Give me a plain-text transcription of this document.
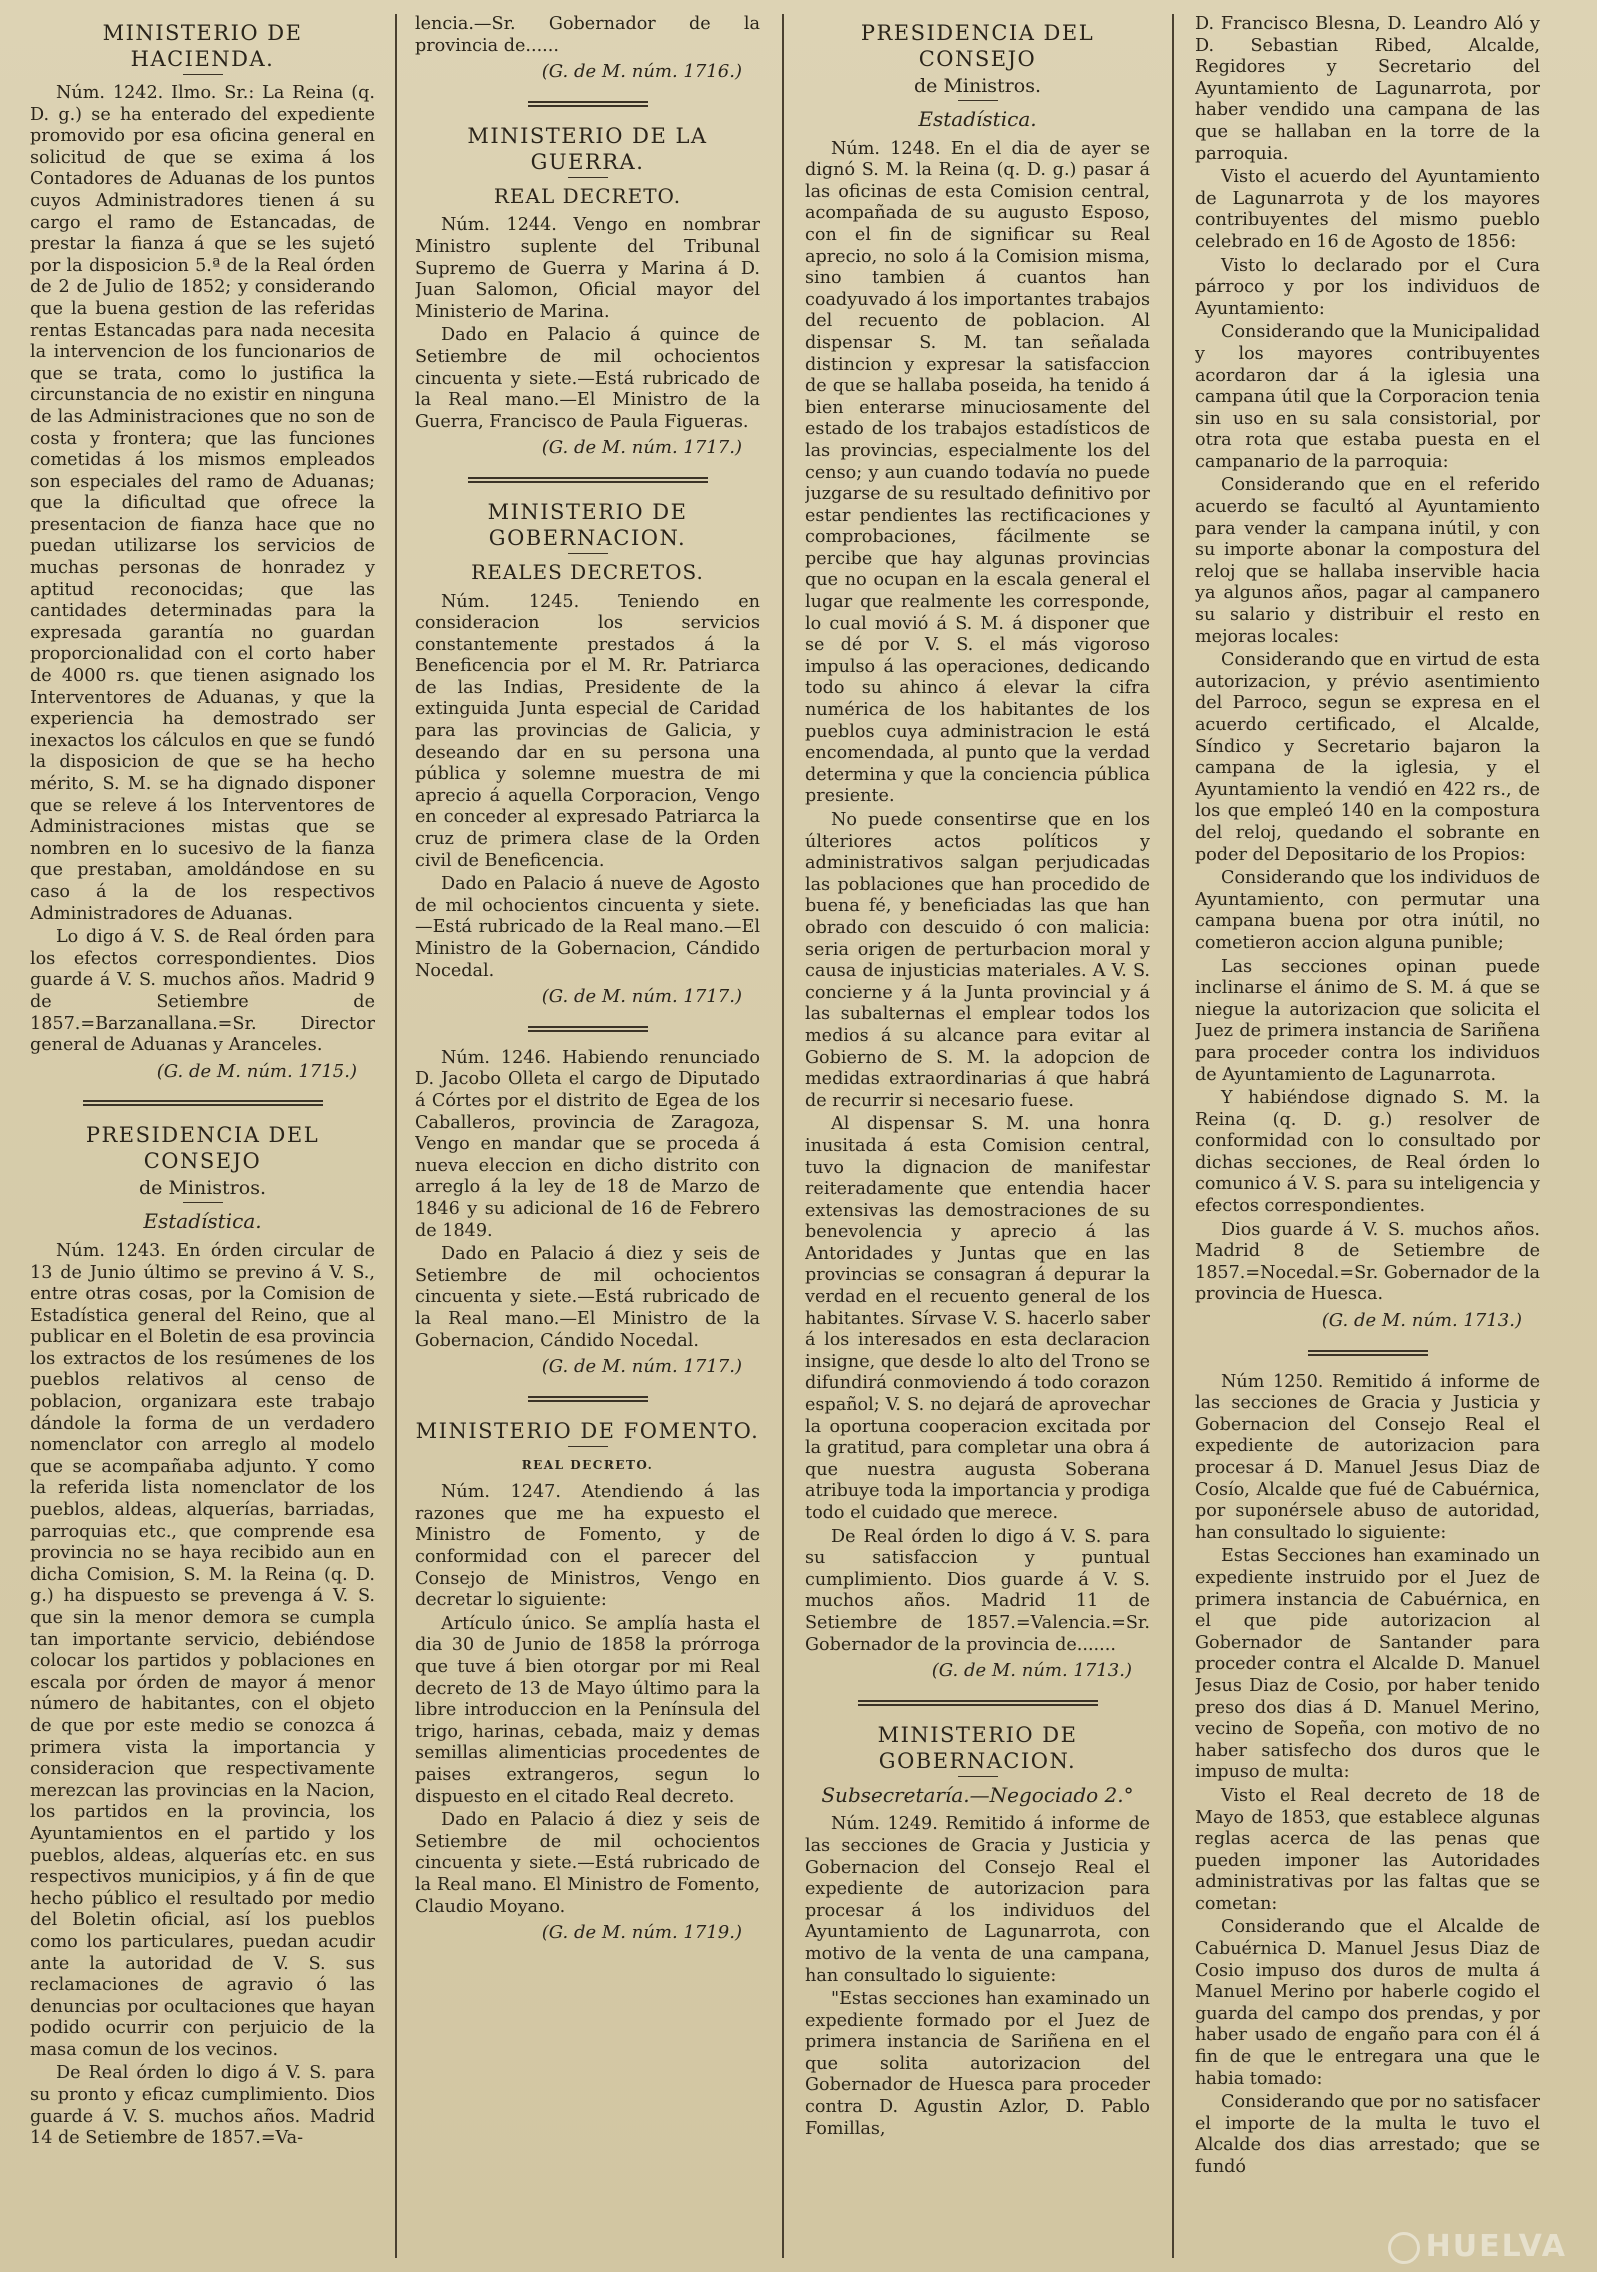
MINISTERIO DE HACIENDA.

Núm. 1242. Ilmo. Sr.: La Reina (q. D. g.) se ha enterado del expediente promovido por esa oficina general en solicitud de que se exima á los Contadores de Aduanas de los puntos cuyos Administradores tienen á su cargo el ramo de Estancadas, de prestar la fianza á que se les sujetó por la disposicion 5.ª de la Real órden de 2 de Julio de 1852; y considerando que la buena gestion de las referidas rentas Estancadas para nada necesita la intervencion de los funcionarios de que se trata, como lo justifica la circunstancia de no existir en ninguna de las Administraciones que no son de costa y frontera; que las funciones cometidas á los mismos empleados son especiales del ramo de Aduanas; que la dificultad que ofrece la presentacion de fianza hace que no puedan utilizarse los servicios de muchas personas de honradez y aptitud reconocidas; que las cantidades determinadas para la expresada garantía no guardan proporcionalidad con el corto haber de 4000 rs. que tienen asignado los Interventores de Aduanas, y que la experiencia ha demostrado ser inexactos los cálculos en que se fundó la disposicion de que se ha hecho mérito, S. M. se ha dignado disponer que se releve á los Interventores de Administraciones mistas que se nombren en lo sucesivo de la fianza que prestaban, amoldándose en su caso á la de los respectivos Administradores de Aduanas.

Lo digo á V. S. de Real órden para los efectos correspondientes. Dios guarde á V. S. muchos años. Madrid 9 de Setiembre de 1857.=Barzanallana.=Sr. Director general de Aduanas y Aranceles.

(G. de M. núm. 1715.)
PRESIDENCIA DEL CONSEJO
de Ministros.
Estadística.

Núm. 1243. En órden circular de 13 de Junio último se previno á V. S., entre otras cosas, por la Comision de Estadística general del Reino, que al publicar en el Boletin de esa provincia los extractos de los resúmenes de los pueblos relativos al censo de poblacion, organizara este trabajo dándole la forma de un verdadero nomenclator con arreglo al modelo que se acompañaba adjunto. Y como la referida lista nomenclator de los pueblos, aldeas, alquerías, barriadas, parroquias etc., que comprende esa provincia no se haya recibido aun en dicha Comision, S. M. la Reina (q. D. g.) ha dispuesto se prevenga á V. S. que sin la menor demora se cumpla tan importante servicio, debiéndose colocar los partidos y poblaciones en escala por órden de mayor á menor número de habitantes, con el objeto de que por este medio se conozca á primera vista la importancia y consideracion que respectivamente merezcan las provincias en la Nacion, los partidos en la provincia, los Ayuntamientos en el partido y los pueblos, aldeas, alquerías etc. en sus respectivos municipios, y á fin de que hecho público el resultado por medio del Boletin oficial, así los pueblos como los particulares, puedan acudir ante la autoridad de V. S. sus reclamaciones de agravio ó las denuncias por ocultaciones que hayan podido ocurrir con perjuicio de la masa comun de los vecinos.

De Real órden lo digo á V. S. para su pronto y eficaz cumplimiento. Dios guarde á V. S. muchos años. Madrid 14 de Setiembre de 1857.=Va-

lencia.—Sr. Gobernador de la provincia de......

(G. de M. núm. 1716.)
MINISTERIO DE LA GUERRA.
REAL DECRETO.

Núm. 1244. Vengo en nombrar Ministro suplente del Tribunal Supremo de Guerra y Marina á D. Juan Salomon, Oficial mayor del Ministerio de Marina.

Dado en Palacio á quince de Setiembre de mil ochocientos cincuenta y siete.—Está rubricado de la Real mano.—El Ministro de la Guerra, Francisco de Paula Figueras.

(G. de M. núm. 1717.)
MINISTERIO DE GOBERNACION.
REALES DECRETOS.

Núm. 1245. Teniendo en consideracion los servicios constantemente prestados á la Beneficencia por el M. Rr. Patriarca de las Indias, Presidente de la extinguida Junta especial de Caridad para las provincias de Galicia, y deseando dar en su persona una pública y solemne muestra de mi aprecio á aquella Corporacion, Vengo en conceder al expresado Patriarca la cruz de primera clase de la Orden civil de Beneficencia.

Dado en Palacio á nueve de Agosto de mil ochocientos cincuenta y siete.—Está rubricado de la Real mano.—El Ministro de la Gobernacion, Cándido Nocedal.

(G. de M. núm. 1717.)

Núm. 1246. Habiendo renunciado D. Jacobo Olleta el cargo de Diputado á Córtes por el distrito de Egea de los Caballeros, provincia de Zaragoza, Vengo en mandar que se proceda á nueva eleccion en dicho distrito con arreglo á la ley de 18 de Marzo de 1846 y su adicional de 16 de Febrero de 1849.

Dado en Palacio á diez y seis de Setiembre de mil ochocientos cincuenta y siete.—Está rubricado de la Real mano.—El Ministro de la Gobernacion, Cándido Nocedal.

(G. de M. núm. 1717.)
MINISTERIO DE FOMENTO.
REAL DECRETO.

Núm. 1247. Atendiendo á las razones que me ha expuesto el Ministro de Fomento, y de conformidad con el parecer del Consejo de Ministros, Vengo en decretar lo siguiente:

Artículo único. Se amplía hasta el dia 30 de Junio de 1858 la prórroga que tuve á bien otorgar por mi Real decreto de 13 de Mayo último para la libre introduccion en la Península del trigo, harinas, cebada, maiz y demas semillas alimenticias procedentes de paises extrangeros, segun lo dispuesto en el citado Real decreto.

Dado en Palacio á diez y seis de Setiembre de mil ochocientos cincuenta y siete.—Está rubricado de la Real mano. El Ministro de Fomento, Claudio Moyano.

(G. de M. núm. 1719.)
PRESIDENCIA DEL CONSEJO
de Ministros.
Estadística.

Núm. 1248. En el dia de ayer se dignó S. M. la Reina (q. D. g.) pasar á las oficinas de esta Comision central, acompañada de su augusto Esposo, con el fin de significar su Real aprecio, no solo á la Comision misma, sino tambien á cuantos han coadyuvado á los importantes trabajos del recuento de poblacion. Al dispensar S. M. tan señalada distincion y expresar la satisfaccion de que se hallaba poseida, ha tenido á bien enterarse minuciosamente del estado de los trabajos estadísticos de las provincias, especialmente los del censo; y aun cuando todavía no puede juzgarse de su resultado definitivo por estar pendientes las rectificaciones y comprobaciones, fácilmente se percibe que hay algunas provincias que no ocupan en la escala general el lugar que realmente les corresponde, lo cual movió á S. M. á disponer que se dé por V. S. el más vigoroso impulso á las operaciones, dedicando todo su ahinco á elevar la cifra numérica de los habitantes de los pueblos cuya administracion le está encomendada, al punto que la verdad determina y que la conciencia pública presiente.

No puede consentirse que en los últeriores actos políticos y administrativos salgan perjudicadas las poblaciones que han procedido de buena fé, y beneficiadas las que han obrado con descuido ó con malicia: seria origen de perturbacion moral y causa de injusticias materiales. A V. S. concierne y á la Junta provincial y á las subalternas el emplear todos los medios á su alcance para evitar al Gobierno de S. M. la adopcion de medidas extraordinarias á que habrá de recurrir si necesario fuese.

Al dispensar S. M. una honra inusitada á esta Comision central, tuvo la dignacion de manifestar reiteradamente que entendia hacer extensivas las demostraciones de su benevolencia y aprecio á las Antoridades y Juntas que en las provincias se consagran á depurar la verdad en el recuento general de los habitantes. Sírvase V. S. hacerlo saber á los interesados en esta declaracion insigne, que desde lo alto del Trono se difundirá conmoviendo á todo corazon español; V. S. no dejará de aprovechar la oportuna cooperacion excitada por la gratitud, para completar una obra á que nuestra augusta Soberana atribuye toda la importancia y prodiga todo el cuidado que merece.

De Real órden lo digo á V. S. para su satisfaccion y puntual cumplimiento. Dios guarde á V. S. muchos años. Madrid 11 de Setiembre de 1857.=Valencia.=Sr. Gobernador de la provincia de.......

(G. de M. núm. 1713.)
MINISTERIO DE GOBERNACION.
Subsecretaría.—Negociado 2.°

Núm. 1249. Remitido á informe de las secciones de Gracia y Justicia y Gobernacion del Consejo Real el expediente de autorizacion para procesar á los individuos del Ayuntamiento de Lagunarrota, con motivo de la venta de una campana, han consultado lo siguiente:

"Estas secciones han examinado un expediente formado por el Juez de primera instancia de Sariñena en el que solita autorizacion del Gobernador de Huesca para proceder contra D. Agustin Azlor, D. Pablo Fomillas,

D. Francisco Blesna, D. Leandro Aló y D. Sebastian Ribed, Alcalde, Regidores y Secretario del Ayuntamiento de Lagunarrota, por haber vendido una campana de las que se hallaban en la torre de la parroquia.

Visto el acuerdo del Ayuntamiento de Lagunarrota y de los mayores contribuyentes del mismo pueblo celebrado en 16 de Agosto de 1856:

Visto lo declarado por el Cura párroco y por los individuos de Ayuntamiento:

Considerando que la Municipalidad y los mayores contribuyentes acordaron dar á la iglesia una campana útil que la Corporacion tenia sin uso en su sala consistorial, por otra rota que estaba puesta en el campanario de la parroquia:

Considerando que en el referido acuerdo se facultó al Ayuntamiento para vender la campana inútil, y con su importe abonar la compostura del reloj que se hallaba inservible hacia ya algunos años, pagar al campanero su salario y distribuir el resto en mejoras locales:

Considerando que en virtud de esta autorizacion, y prévio asentimiento del Parroco, segun se expresa en el acuerdo certificado, el Alcalde, Síndico y Secretario bajaron la campana de la iglesia, y el Ayuntamiento la vendió en 422 rs., de los que empleó 140 en la compostura del reloj, quedando el sobrante en poder del Depositario de los Propios:

Considerando que los individuos de Ayuntamiento, con permutar una campana buena por otra inútil, no cometieron accion alguna punible;

Las secciones opinan puede inclinarse el ánimo de S. M. á que se niegue la autorizacion que solicita el Juez de primera instancia de Sariñena para proceder contra los individuos de Ayuntamiento de Lagunarrota.

Y habiéndose dignado S. M. la Reina (q. D. g.) resolver de conformidad con lo consultado por dichas secciones, de Real órden lo comunico á V. S. para su inteligencia y efectos correspondientes.

Dios guarde á V. S. muchos años. Madrid 8 de Setiembre de 1857.=Nocedal.=Sr. Gobernador de la provincia de Huesca.

(G. de M. núm. 1713.)

Núm 1250. Remitido á informe de las secciones de Gracia y Justicia y Gobernacion del Consejo Real el expediente de autorizacion para procesar á D. Manuel Jesus Diaz de Cosío, Alcalde que fué de Cabuérnica, por suponérsele abuso de autoridad, han consultado lo siguiente:

Estas Secciones han examinado un expediente instruido por el Juez de primera instancia de Cabuérnica, en el que pide autorizacion al Gobernador de Santander para proceder contra el Alcalde D. Manuel Jesus Diaz de Cosio, por haber tenido preso dos dias á D. Manuel Merino, vecino de Sopeña, con motivo de no haber satisfecho dos duros que le impuso de multa:

Visto el Real decreto de 18 de Mayo de 1853, que establece algunas reglas acerca de las penas que pueden imponer las Autoridades administrativas por las faltas que se cometan:

Considerando que el Alcalde de Cabuérnica D. Manuel Jesus Diaz de Cosio impuso dos duros de multa á Manuel Merino por haberle cogido el guarda del campo dos prendas, y por haber usado de engaño para con él á fin de que le entregara una que le habia tomado:

Considerando que por no satisfacer el importe de la multa le tuvo el Alcalde dos dias arrestado; que se fundó

HUELVA
